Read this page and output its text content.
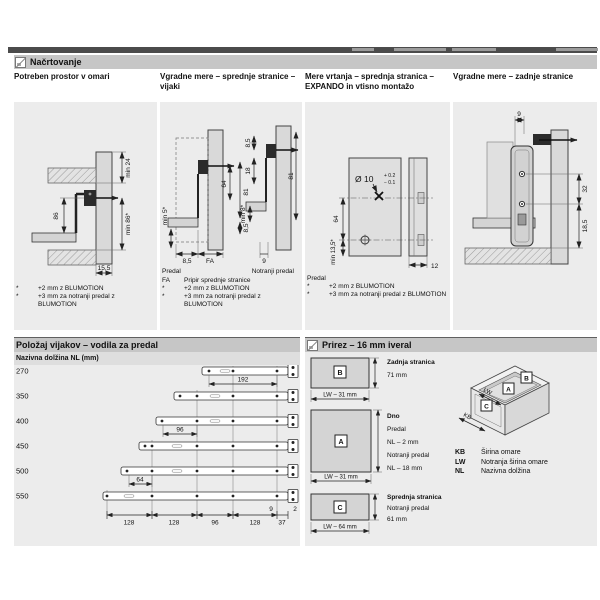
Načrtovanje
Potreben prostor v omari	Vgradne mere – sprednje stranice – vijaki
Mere vrtanja – sprednja stranica – EXPANDO in vtisno montažo
Vgradne mere – zadnje stranice
min 24
min 86*
86
15,5
*	+2 mm z BLUMOTION
*	+3 mm za notranji predal z BLUMOTION
64
81
8,5
min 5*
8,5 FA
8,5
18
81
min 8*
9
Predal	Notranji predal
FA	Pripir sprednje stranice
*	+2 mm z BLUMOTION
*	+3 mm za notranji predal z BLUMOTION
Ø 10 + 0.2
− 0.1
64
min 13,5*
12
Predal
*	+2 mm z BLUMOTION
*	+3 mm za notranji predal z BLUMOTION
9
32
18,5
Položaj vijakov – vodila za predal
Nazivna dolžina NL (mm)
270
192
350
400
96
450
500
64
550
128	128	96	128	37
9	2
Prirez – 16 mm iveral
B
LW – 31 mm
Zadnja stranica
71 mm
A
LW – 31 mm
Dno
Predal
NL – 2 mm
Notranji predal
NL – 18 mm
C
LW – 64 mm
Sprednja stranica
Notranji predal
61 mm
B
A
C
LW
KB
KB	Širina omare
LW	Notranja širina omare
NL	Nazivna dolžina
